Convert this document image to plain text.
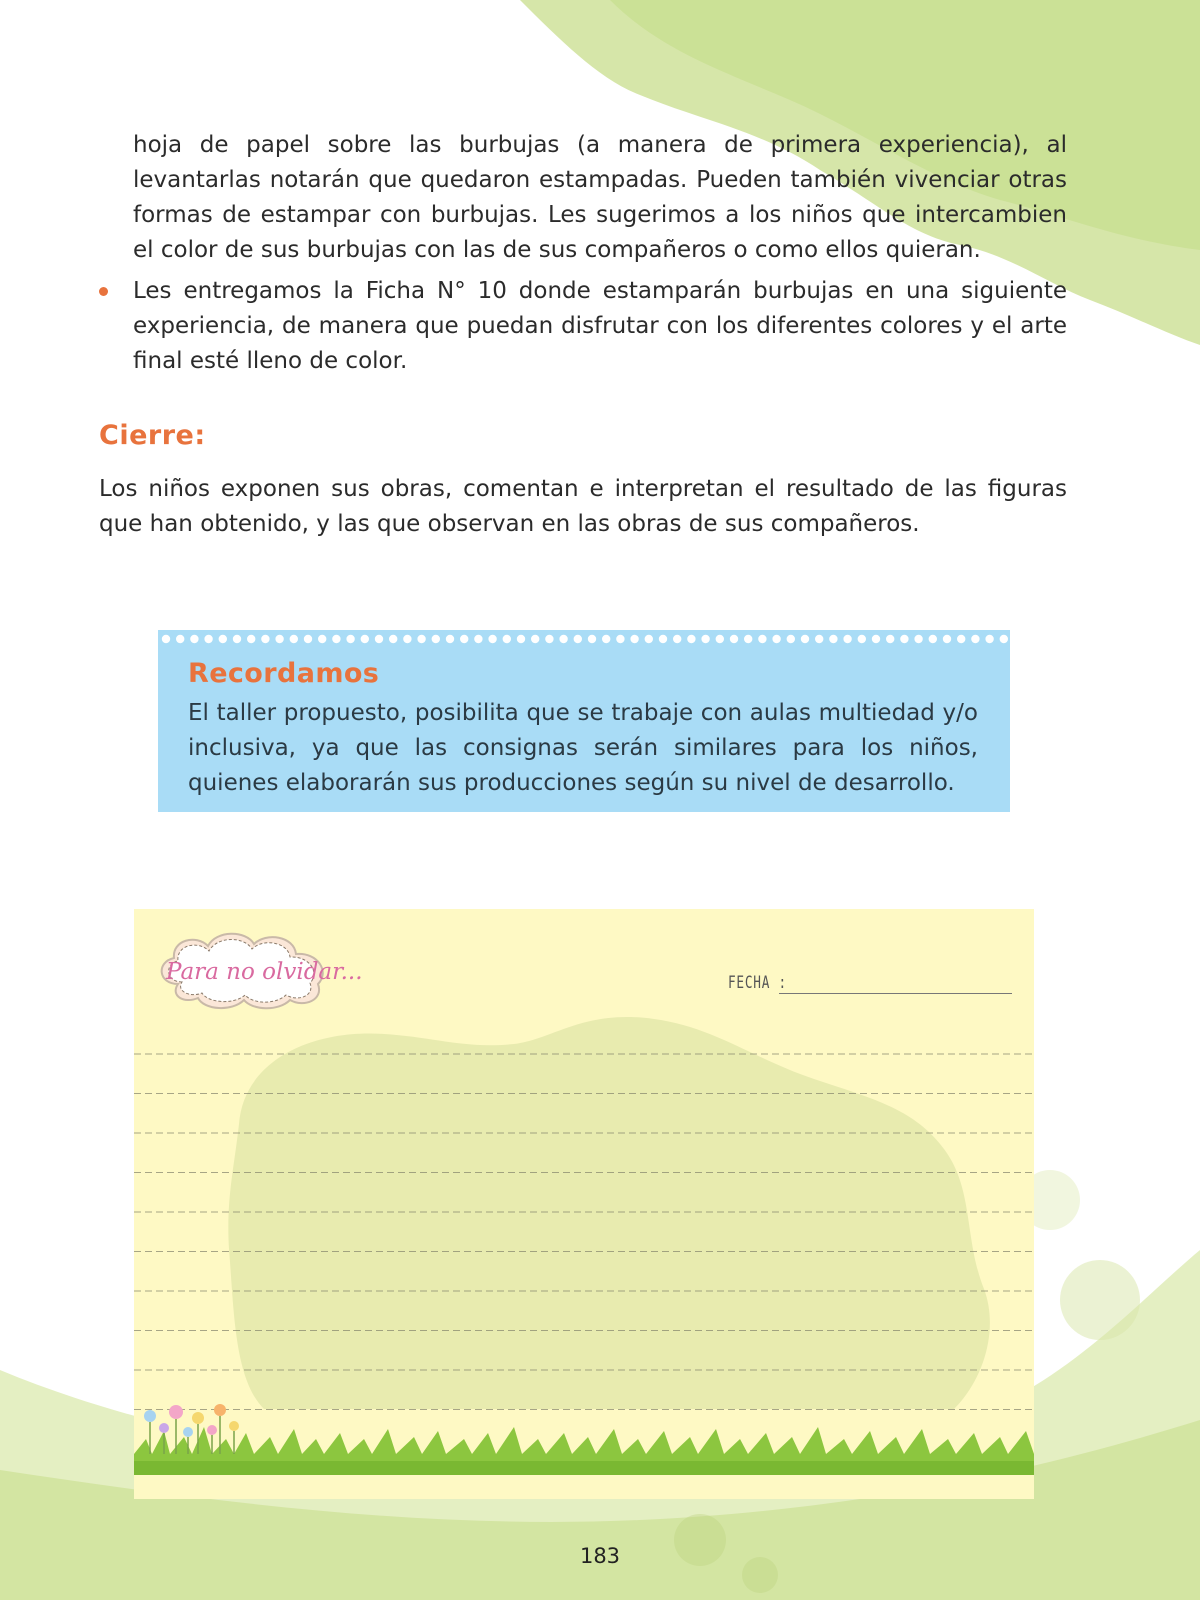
hoja de papel sobre las burbujas (a manera de primera experiencia), al levantarlas notarán que quedaron estampadas. Pueden también vivenciar otras formas de estampar con burbujas. Les sugerimos a los niños que intercambien el color de sus burbujas con las de sus compañeros o como ellos quieran.

Les entregamos la Ficha N° 10 donde estamparán burbujas en una siguiente experiencia, de manera que puedan disfrutar con los diferentes colores y el arte final esté lleno de color.

Cierre:

Los niños exponen sus obras, comentan e interpretan el resultado de las figuras que han obtenido, y las que observan en las obras de sus compañeros.

Recordamos

El taller propuesto, posibilita que se trabaje con aulas multiedad y/o inclusiva, ya que las consignas serán similares para los niños, quienes elaborarán sus producciones según su nivel de desarrollo.

Para no olvidar...	FECHA :
183
